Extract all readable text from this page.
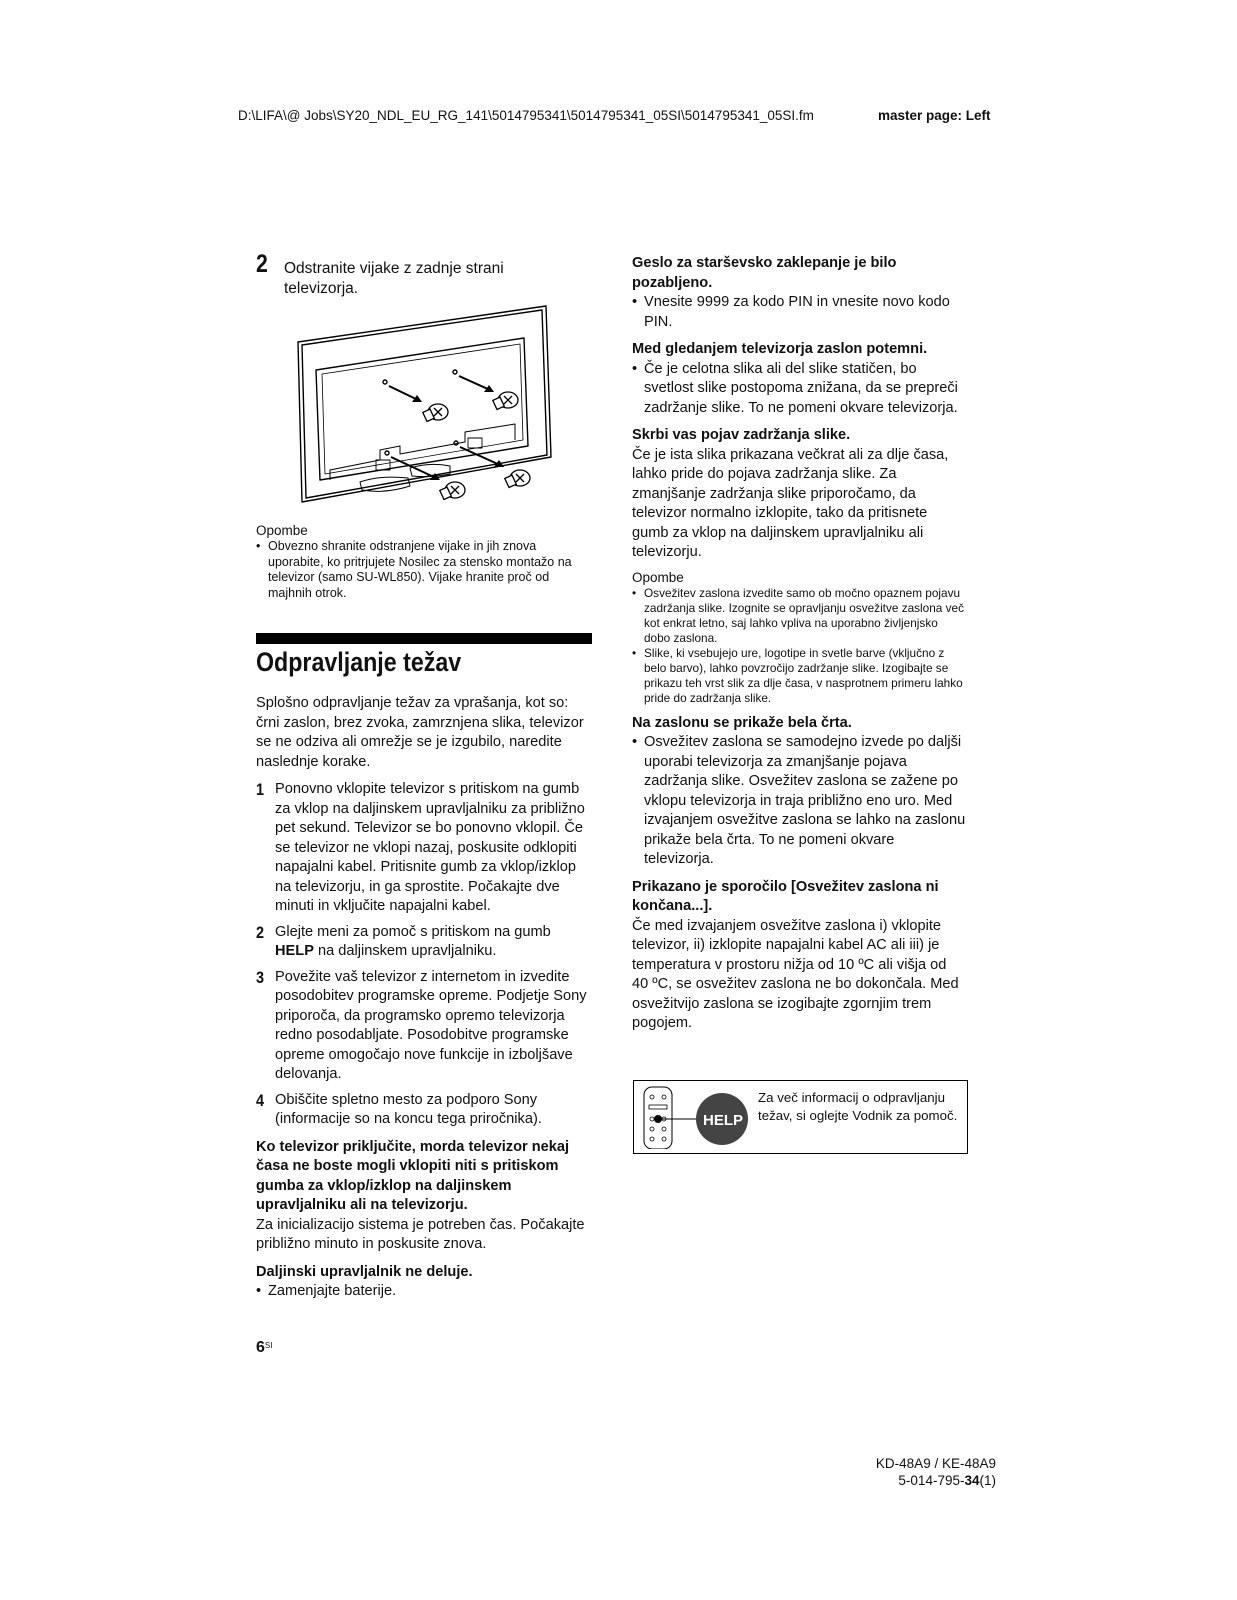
D:\LIFA\@ Jobs\SY20_NDL_EU_RG_141\5014795341\5014795341_05SI\5014795341_05SI.fm	master page: Left
2 Odstranite vijake z zadnje strani televizorja.

Opombe

• Obvezno shranite odstranjene vijake in jih znova uporabite, ko pritrjujete Nosilec za stensko montažo na televizor (samo SU-WL850). Vijake hranite proč od majhnih otrok.

Odpravljanje težav

Splošno odpravljanje težav za vprašanja, kot so: črni zaslon, brez zvoka, zamrznjena slika, televizor se ne odziva ali omrežje se je izgubilo, naredite naslednje korake.

1 Ponovno vklopite televizor s pritiskom na gumb za vklop na daljinskem upravljalniku za približno pet sekund. Televizor se bo ponovno vklopil. Če se televizor ne vklopi nazaj, poskusite odklopiti napajalni kabel. Pritisnite gumb za vklop/izklop na televizorju, in ga sprostite. Počakajte dve minuti in vključite napajalni kabel.
2 Glejte meni za pomoč s pritiskom na gumb HELP na daljinskem upravljalniku.
3 Povežite vaš televizor z internetom in izvedite posodobitev programske opreme. Podjetje Sony priporoča, da programsko opremo televizorja redno posodabljate. Posodobitve programske opreme omogočajo nove funkcije in izboljšave delovanja.
4 Obiščite spletno mesto za podporo Sony (informacije so na koncu tega priročnika).

Ko televizor priključite, morda televizor nekaj časa ne boste mogli vklopiti niti s pritiskom gumba za vklop/izklop na daljinskem upravljalniku ali na televizorju.

Za inicializacijo sistema je potreben čas. Počakajte približno minuto in poskusite znova.

Daljinski upravljalnik ne deluje.

• Zamenjajte baterije.

Geslo za starševsko zaklepanje je bilo pozabljeno.

• Vnesite 9999 za kodo PIN in vnesite novo kodo PIN.

Med gledanjem televizorja zaslon potemni.

• Če je celotna slika ali del slike statičen, bo svetlost slike postopoma znižana, da se prepreči zadržanje slike. To ne pomeni okvare televizorja.

Skrbi vas pojav zadržanja slike.

Če je ista slika prikazana večkrat ali za dlje časa, lahko pride do pojava zadržanja slike. Za zmanjšanje zadržanja slike priporočamo, da televizor normalno izklopite, tako da pritisnete gumb za vklop na daljinskem upravljalniku ali televizorju.

Opombe

• Osvežitev zaslona izvedite samo ob močno opaznem pojavu zadržanja slike. Izognite se opravljanju osvežitve zaslona več kot enkrat letno, saj lahko vpliva na uporabno življenjsko dobo zaslona.

• Slike, ki vsebujejo ure, logotipe in svetle barve (vključno z belo barvo), lahko povzročijo zadržanje slike. Izogibajte se prikazu teh vrst slik za dlje časa, v nasprotnem primeru lahko pride do zadržanja slike.

Na zaslonu se prikaže bela črta.

• Osvežitev zaslona se samodejno izvede po daljši uporabi televizorja za zmanjšanje pojava zadržanja slike. Osvežitev zaslona se zažene po vklopu televizorja in traja približno eno uro. Med izvajanjem osvežitve zaslona se lahko na zaslonu prikaže bela črta. To ne pomeni okvare televizorja.

Prikazano je sporočilo [Osvežitev zaslona ni končana...].

Če med izvajanjem osvežitve zaslona i) vklopite televizor, ii) izklopite napajalni kabel AC ali iii) je temperatura v prostoru nižja od 10 ºC ali višja od 40 ºC, se osvežitev zaslona ne bo dokončala. Med osvežitvijo zaslona se izogibajte zgornjim trem pogojem.

HELP
Za več informacij o odpravljanju težav, si oglejte Vodnik za pomoč.
$6^{SI}$
KD-48A9 / KE-48A9
5-014-795-34(1)
